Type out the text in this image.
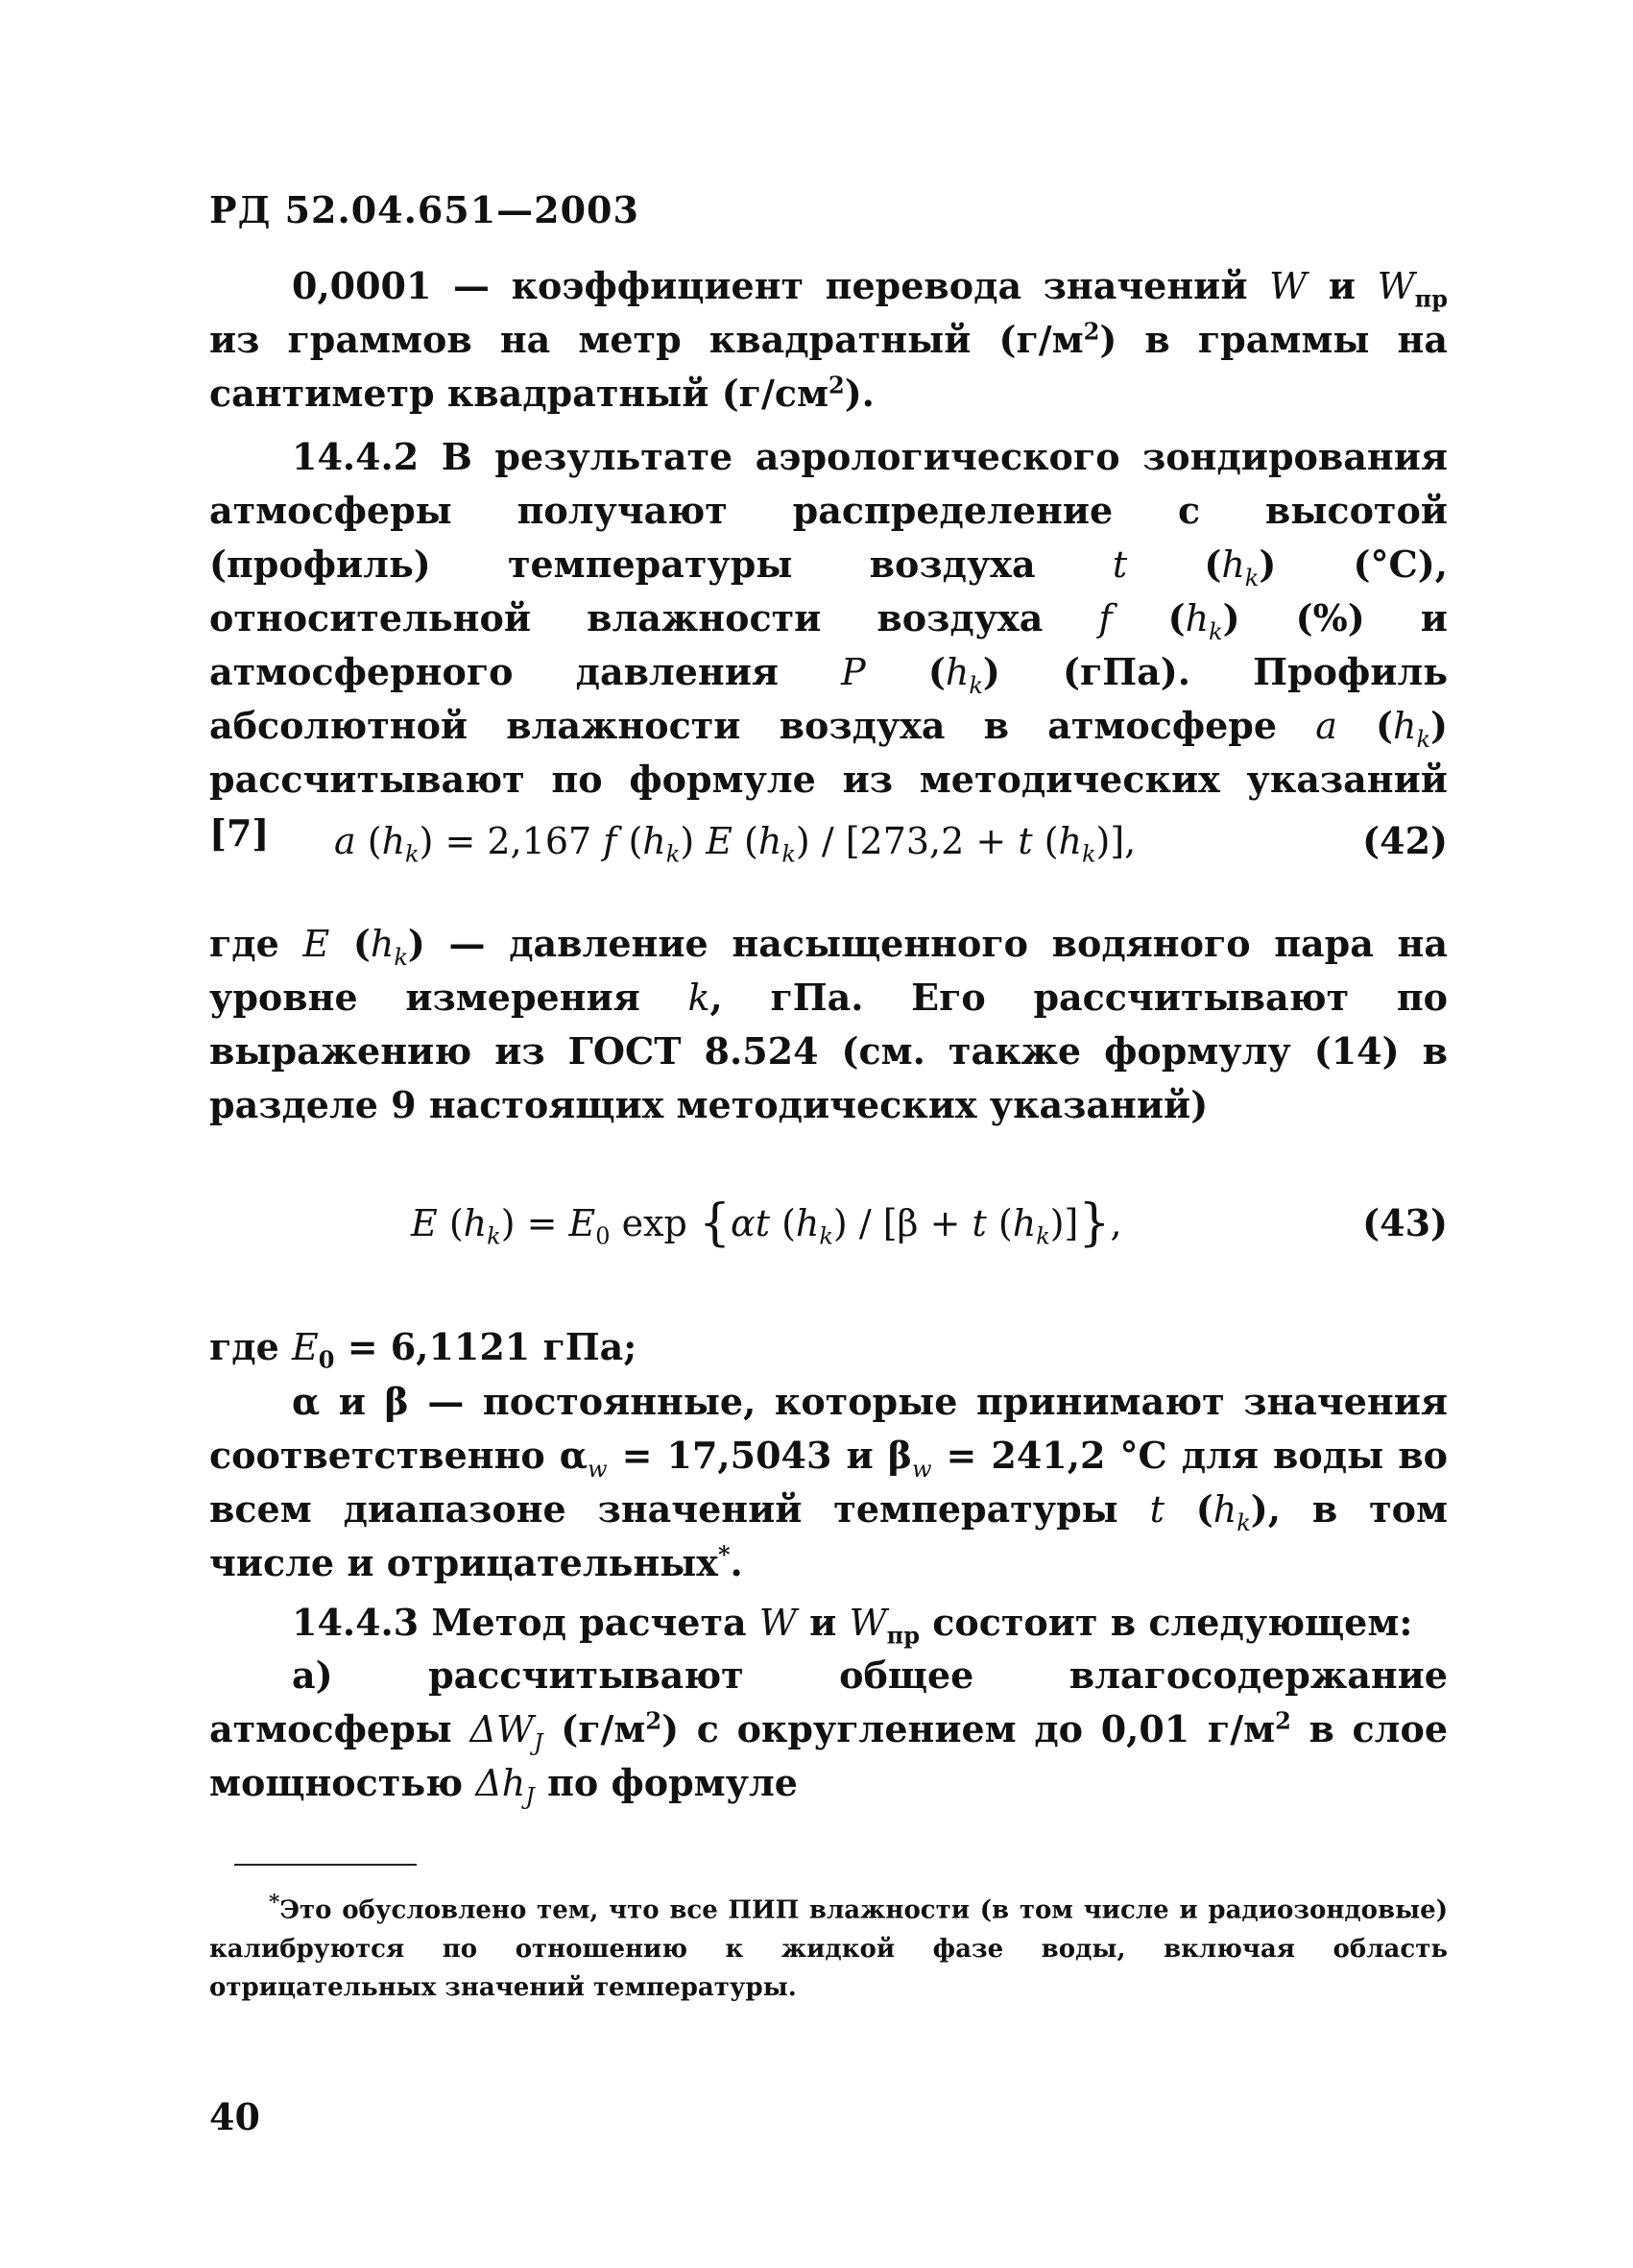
РД 52.04.651—2003

0,0001 — коэффициент перевода значений W и $W_{пр}$ из граммов на метр квадратный $(г/м^2)$ в граммы на сантиметр квадратный $(г/см^2)$.

14.4.2 В результате аэрологического зондирования атмосферы получают распределение с высотой (профиль) температуры воздуха t $(h_k)$ (°С), относительной влажности воздуха f $(h_k)$ (%) и атмосферного давления P $(h_k)$ (гПа). Профиль абсолютной влажности воздуха в атмосфере a $(h_k)$ рассчитывают по формуле из методических указаний [7]	a $(h_k) = 2,167$ f $(h_k)$ E $(h_k) / [273,2 + t$ $(h_k)$],	(42)

где E $(h_k)$ — давление насыщенного водяного пара на уровне измерения k, гПа. Его рассчитывают по выражению из ГОСТ 8.524 (см. также формулу (14) в разделе 9 настоящих методических указаний)

E $(h_k) = E_0$ exp {αt $(h_k) / [\beta + t$ $(h_k)$]},	(43)

где $E_0 = 6,1121$ гПа;

α и β — постоянные, которые принимают значения соответственно $\alpha_w = 17,5043$ и $\beta_w = 241,2$ °С для воды во всем диапазоне значений температуры t $(h_k)$, в том числе и отрицательных*.

14.4.3 Метод расчета W и $W_{пр}$ состоит в следующем:

а) рассчитывают общее влагосодержание атмосферы $\Delta W_J$ $(г/м^2)$ с округлением до 0,01 $г/м^2$ в слое мощностью $\Delta h_J$ по формуле

*Это обусловлено тем, что все ПИП влажности (в том числе и радиозондовые) калибруются по отношению к жидкой фазе воды, включая область отрицательных значений температуры.

40
